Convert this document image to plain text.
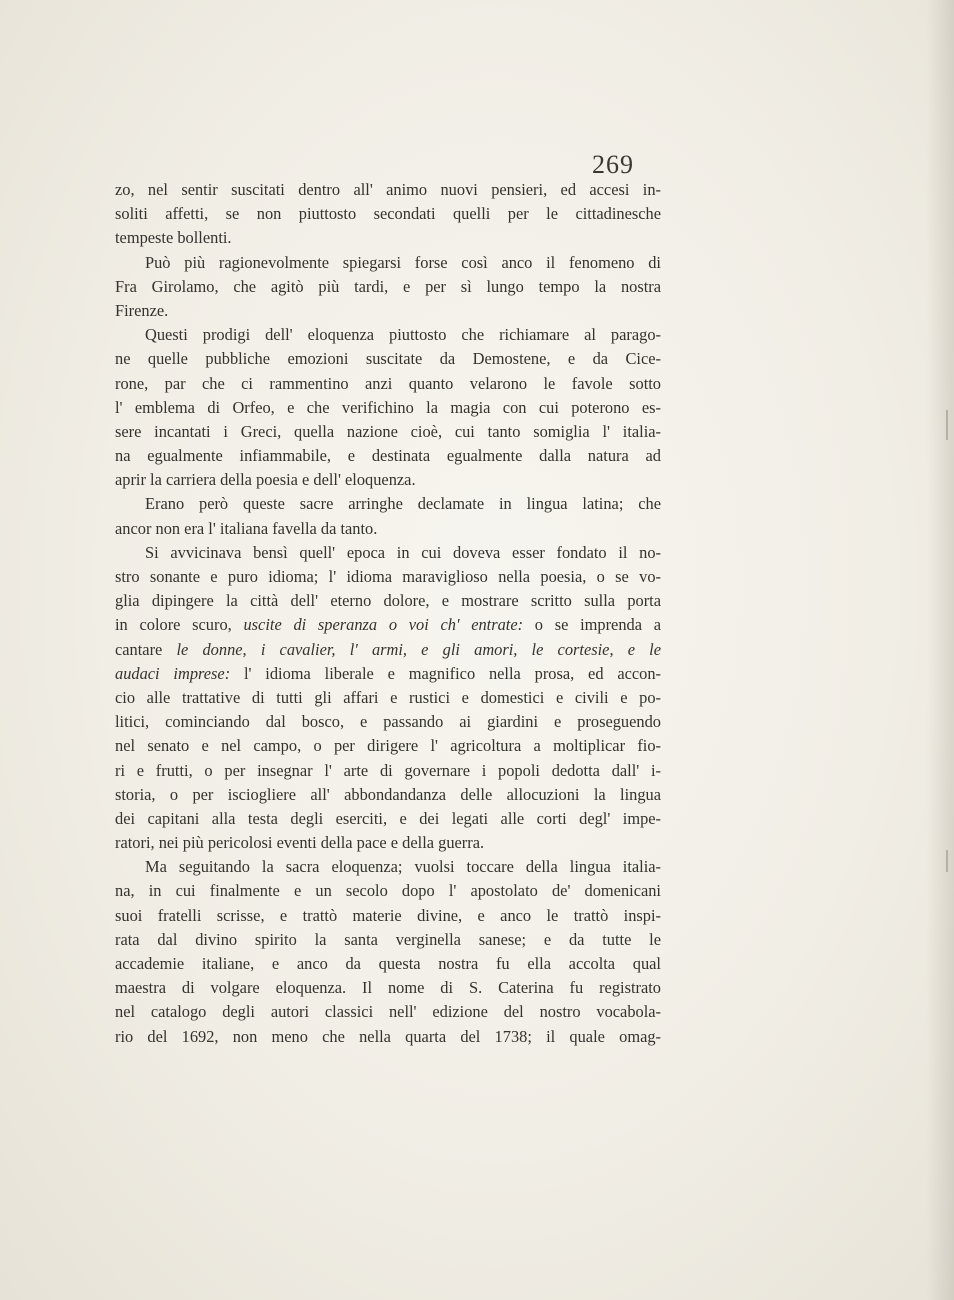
269
zo, nel sentir suscitati dentro all' animo nuovi pensieri, ed accesi in-
soliti affetti, se non piuttosto secondati quelli per le cittadinesche
tempeste bollenti.
Può più ragionevolmente spiegarsi forse così anco il fenomeno di
Fra Girolamo, che agitò più tardi, e per sì lungo tempo la nostra
Firenze.
Questi prodigi dell' eloquenza piuttosto che richiamare al parago-
ne quelle pubbliche emozioni suscitate da Demostene, e da Cice-
rone, par che ci rammentino anzi quanto velarono le favole sotto
l' emblema di Orfeo, e che verifichino la magia con cui poterono es-
sere incantati i Greci, quella nazione cioè, cui tanto somiglia l' italia-
na egualmente infiammabile, e destinata egualmente dalla natura ad
aprir la carriera della poesia e dell' eloquenza.
Erano però queste sacre arringhe declamate in lingua latina; che
ancor non era l' italiana favella da tanto.
Si avvicinava bensì quell' epoca in cui doveva esser fondato il no-
stro sonante e puro idioma; l' idioma maraviglioso nella poesia, o se vo-
glia dipingere la città dell' eterno dolore, e mostrare scritto sulla porta
in colore scuro, uscite di speranza o voi ch' entrate: o se imprenda a
cantare le donne, i cavalier, l' armi, e gli amori, le cortesie, e le
audaci imprese: l' idioma liberale e magnifico nella prosa, ed accon-
cio alle trattative di tutti gli affari e rustici e domestici e civili e po-
litici, cominciando dal bosco, e passando ai giardini e proseguendo
nel senato e nel campo, o per dirigere l' agricoltura a moltiplicar fio-
ri e frutti, o per insegnar l' arte di governare i popoli dedotta dall' i-
storia, o per isciogliere all' abbondandanza delle allocuzioni la lingua
dei capitani alla testa degli eserciti, e dei legati alle corti degl' impe-
ratori, nei più pericolosi eventi della pace e della guerra.
Ma seguitando la sacra eloquenza; vuolsi toccare della lingua italia-
na, in cui finalmente e un secolo dopo l' apostolato de' domenicani
suoi fratelli scrisse, e trattò materie divine, e anco le trattò inspi-
rata dal divino spirito la santa verginella sanese; e da tutte le
accademie italiane, e anco da questa nostra fu ella accolta qual
maestra di volgare eloquenza. Il nome di S. Caterina fu registrato
nel catalogo degli autori classici nell' edizione del nostro vocabola-
rio del 1692, non meno che nella quarta del 1738; il quale omag-
